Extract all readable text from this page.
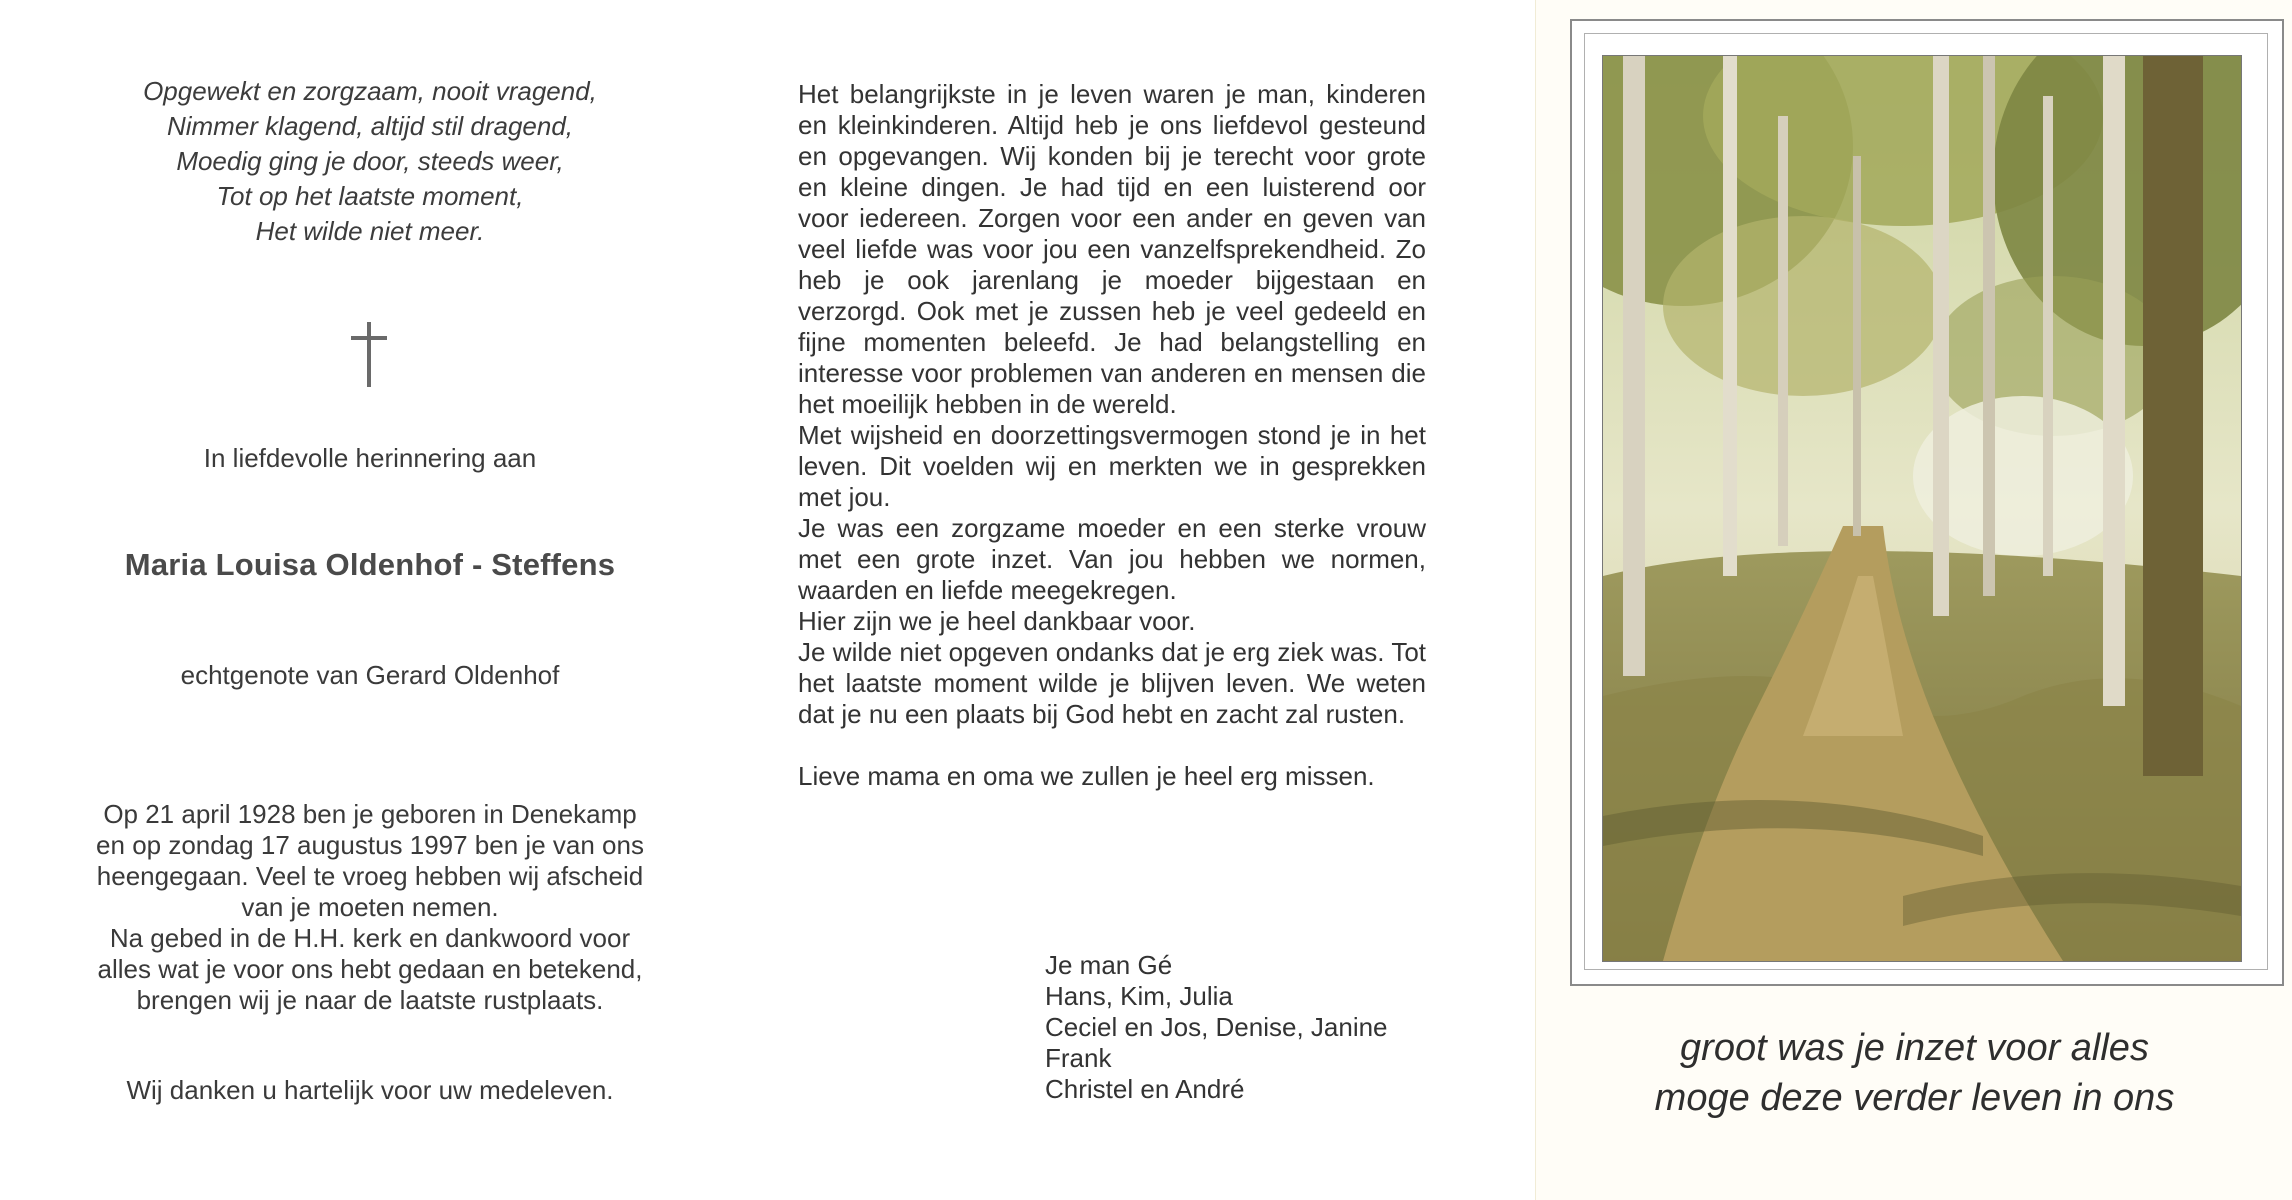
Opgewekt en zorgzaam, nooit vragend,
Nimmer klagend, altijd stil dragend,
Moedig ging je door, steeds weer,
Tot op het laatste moment,
Het wilde niet meer.
In liefdevolle herinnering aan
Maria Louisa Oldenhof - Steffens
echtgenote van Gerard Oldenhof
Op 21 april 1928 ben je geboren in Denekamp
en op zondag 17 augustus 1997 ben je van ons
heengegaan. Veel te vroeg hebben wij afscheid
van je moeten nemen.
Na gebed in de H.H. kerk en dankwoord voor
alles wat je voor ons hebt gedaan en betekend,
brengen wij je naar de laatste rustplaats.
Wij danken u hartelijk voor uw medeleven.

Het belangrijkste in je leven waren je man, kinderen en kleinkinderen. Altijd heb je ons liefdevol gesteund en opgevangen. Wij konden bij je terecht voor grote en kleine dingen. Je had tijd en een luisterend oor voor iedereen. Zorgen voor een ander en geven van veel liefde was voor jou een vanzelfsprekendheid. Zo heb je ook jarenlang je moeder bijgestaan en verzorgd. Ook met je zussen heb je veel gedeeld en fijne momenten beleefd. Je had belangstelling en interesse voor problemen van anderen en mensen die het moeilijk hebben in de wereld.

Met wijsheid en doorzettingsvermogen stond je in het leven. Dit voelden wij en merkten we in gesprekken met jou.

Je was een zorgzame moeder en een sterke vrouw met een grote inzet. Van jou hebben we normen, waarden en liefde meegekregen.

Hier zijn we je heel dankbaar voor.

Je wilde niet opgeven ondanks dat je erg ziek was. Tot het laatste moment wilde je blijven leven. We weten dat je nu een plaats bij God hebt en zacht zal rusten.

Lieve mama en oma we zullen je heel erg missen.

Je man Gé
Hans, Kim, Julia
Ceciel en Jos, Denise, Janine
Frank
Christel en André
groot was je inzet voor alles
moge deze verder leven in ons
